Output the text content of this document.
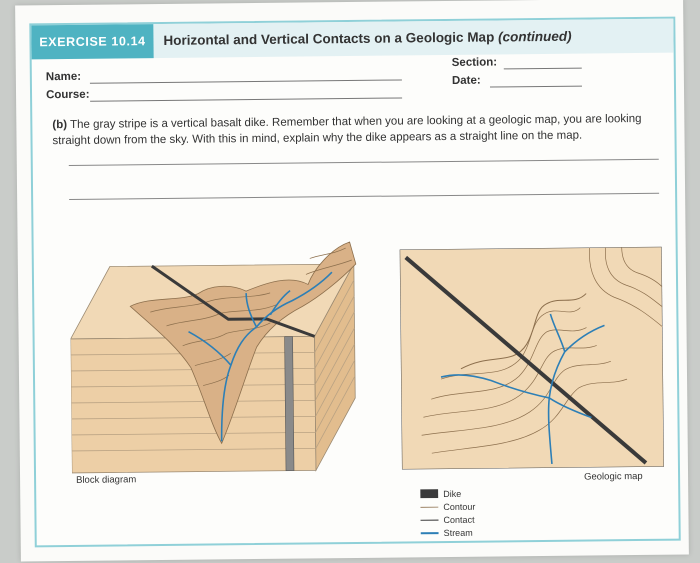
EXERCISE 10.14	Horizontal and Vertical Contacts on a Geologic Map (continued)
Name:
Course:
Section:
Date:
(b) The gray stripe is a vertical basalt dike. Remember that when you are looking at a geologic map, you are looking straight down from the sky. With this in mind, explain why the dike appears as a straight line on the map.
Block diagram	Geologic map
Dike
Contour
Contact
Stream
